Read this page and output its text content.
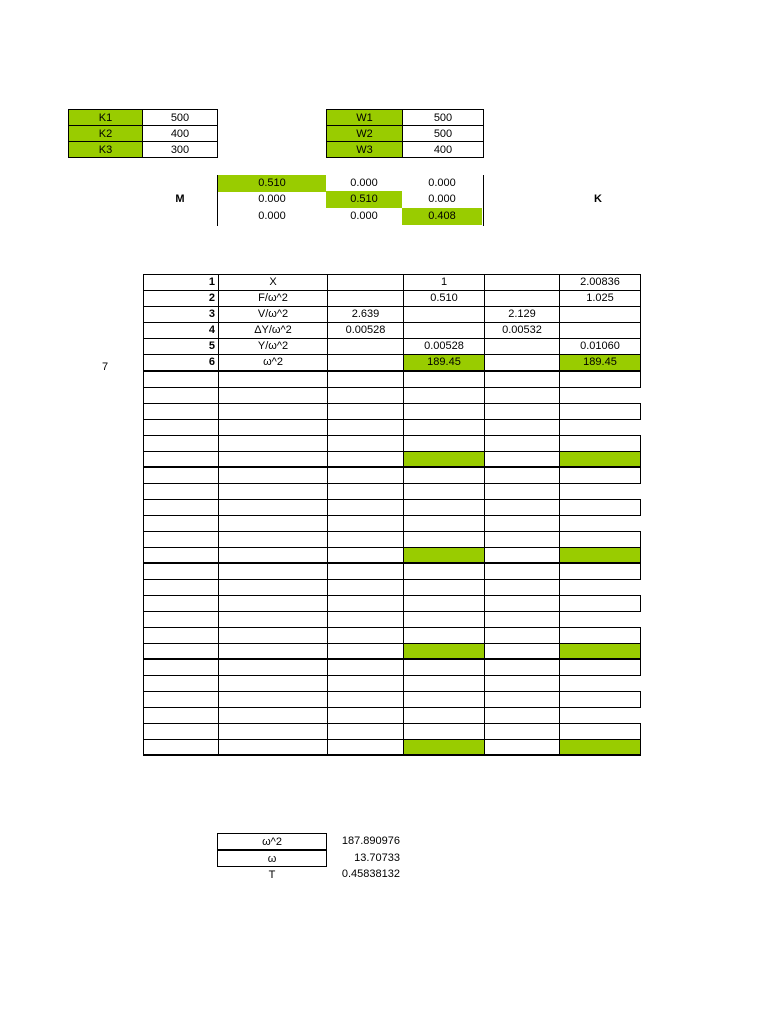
K1	500
K2	400
K3	300
W1	500
W2	500
W3	400
M
0.510	0.000	0.000
0.000	0.510	0.000
0.000	0.000	0.408
K
7
1	X		1		2.00836
2	F/ω^2		0.510		1.025
3	V/ω^2	2.639		2.129	
4	ΔY/ω^2	0.00528		0.00532	
5	Y/ω^2		0.00528		0.01060
6	ω^2		189.45		189.45

ω^2	187.890976
ω	13.70733
T	0.45838132
